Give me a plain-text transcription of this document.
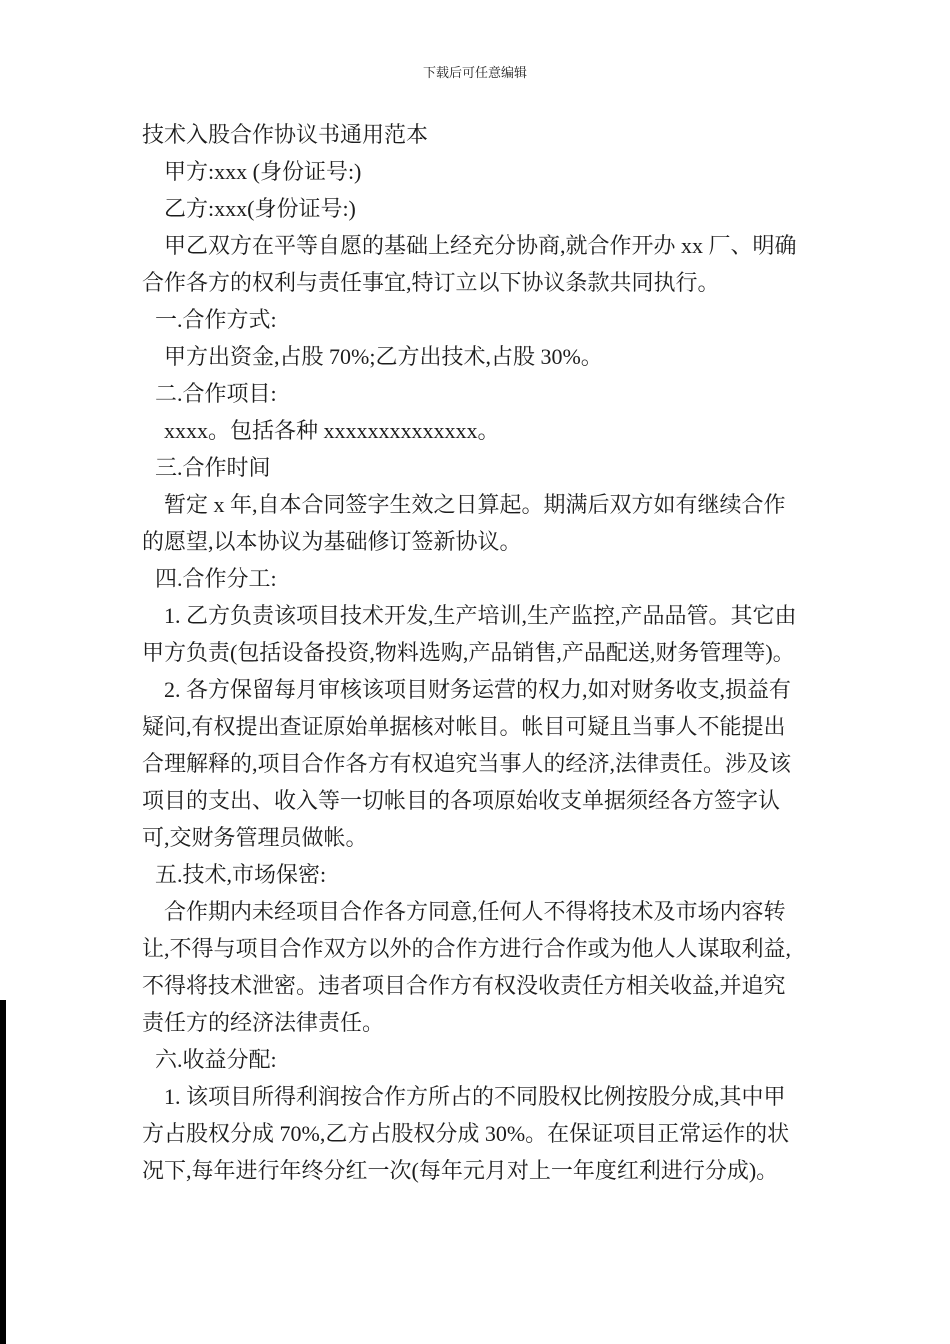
下载后可任意编辑
技术入股合作协议书通用范本
甲方:xxx (身份证号:)
乙方:xxx(身份证号:)
甲乙双方在平等自愿的基础上经充分协商,就合作开办 xx 厂、明确
合作各方的权利与责任事宜,特订立以下协议条款共同执行。
一.合作方式:
甲方出资金,占股 70%;乙方出技术,占股 30%。
二.合作项目:
xxxx。包括各种 xxxxxxxxxxxxxx。
三.合作时间
暂定 x 年,自本合同签字生效之日算起。期满后双方如有继续合作
的愿望,以本协议为基础修订签新协议。
四.合作分工:
1. 乙方负责该项目技术开发,生产培训,生产监控,产品品管。其它由
甲方负责(包括设备投资,物料选购,产品销售,产品配送,财务管理等)。
2. 各方保留每月审核该项目财务运营的权力,如对财务收支,损益有
疑问,有权提出查证原始单据核对帐目。帐目可疑且当事人不能提出
合理解释的,项目合作各方有权追究当事人的经济,法律责任。涉及该
项目的支出、收入等一切帐目的各项原始收支单据须经各方签字认
可,交财务管理员做帐。
五.技术,市场保密:
合作期内未经项目合作各方同意,任何人不得将技术及市场内容转
让,不得与项目合作双方以外的合作方进行合作或为他人人谋取利益,
不得将技术泄密。违者项目合作方有权没收责任方相关收益,并追究
责任方的经济法律责任。
六.收益分配:
1. 该项目所得利润按合作方所占的不同股权比例按股分成,其中甲
方占股权分成 70%,乙方占股权分成 30%。在保证项目正常运作的状
况下,每年进行年终分红一次(每年元月对上一年度红利进行分成)。
